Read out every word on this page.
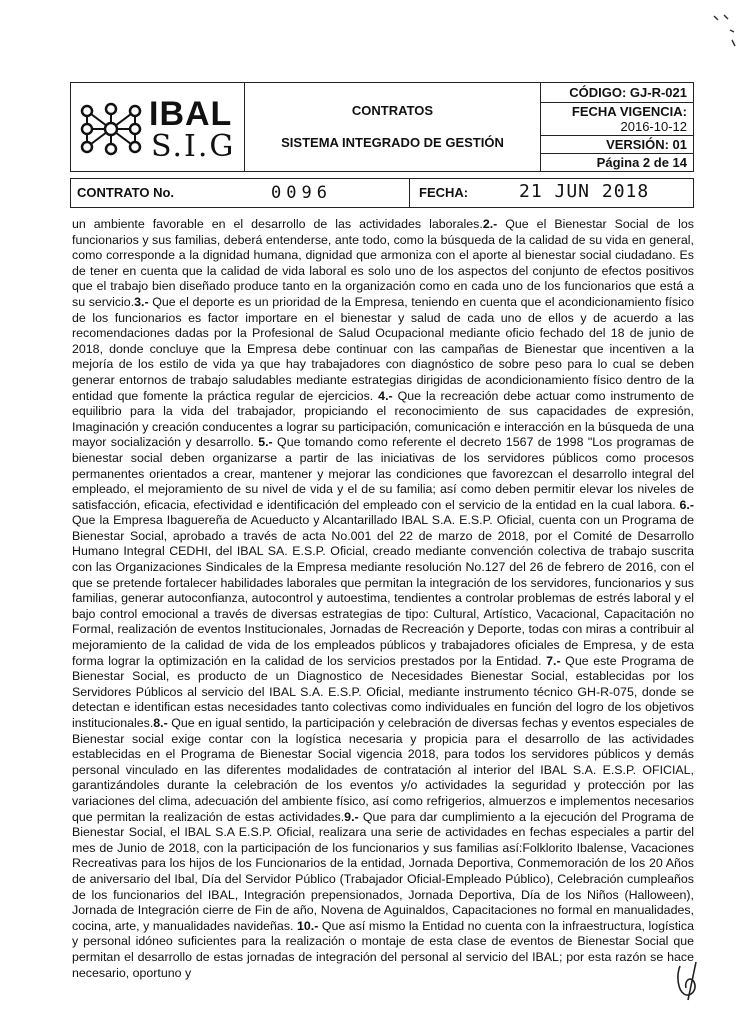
IBAL
S.I.G
CONTRATOS
SISTEMA INTEGRADO DE GESTIÓN
CÓDIGO: GJ-R-021
FECHA VIGENCIA:
2016-10-12
VERSIÓN: 01
Página 2 de 14
CONTRATO No.	0096	FECHA:	21 JUN 2018
un ambiente favorable en el desarrollo de las actividades laborales.2.- Que el Bienestar Social de los funcionarios y sus familias, deberá entenderse, ante todo, como la búsqueda de la calidad de su vida en general, como corresponde a la dignidad humana, dignidad que armoniza con el aporte al bienestar social ciudadano. Es de tener en cuenta que la calidad de vida laboral es solo uno de los aspectos del conjunto de efectos positivos que el trabajo bien diseñado produce tanto en la organización como en cada uno de los funcionarios que está a su servicio.3.- Que el deporte es un prioridad de la Empresa, teniendo en cuenta que el acondicionamiento físico de los funcionarios es factor importare en el bienestar y salud de cada uno de ellos y de acuerdo a las recomendaciones dadas por la Profesional de Salud Ocupacional mediante oficio fechado del 18 de junio de 2018, donde concluye que la Empresa debe continuar con las campañas de Bienestar que incentiven a la mejoría de los estilo de vida ya que hay trabajadores con diagnóstico de sobre peso para lo cual se deben generar entornos de trabajo saludables mediante estrategias dirigidas de acondicionamiento físico dentro de la entidad que fomente la práctica regular de ejercicios. 4.- Que la recreación debe actuar como instrumento de equilibrio para la vida del trabajador, propiciando el reconocimiento de sus capacidades de expresión, Imaginación y creación conducentes a lograr su participación, comunicación e interacción en la búsqueda de una mayor socialización y desarrollo. 5.- Que tomando como referente el decreto 1567 de 1998 "Los programas de bienestar social deben organizarse a partir de las iniciativas de los servidores públicos como procesos permanentes orientados a crear, mantener y mejorar las condiciones que favorezcan el desarrollo integral del empleado, el mejoramiento de su nivel de vida y el de su familia; así como deben permitir elevar los niveles de satisfacción, eficacia, efectividad e identificación del empleado con el servicio de la entidad en la cual labora. 6.-Que la Empresa Ibaguereña de Acueducto y Alcantarillado IBAL S.A. E.S.P. Oficial, cuenta con un Programa de Bienestar Social, aprobado a través de acta No.001 del 22 de marzo de 2018, por el Comité de Desarrollo Humano Integral CEDHI, del IBAL SA. E.S.P. Oficial, creado mediante convención colectiva de trabajo suscrita con las Organizaciones Sindicales de la Empresa mediante resolución No.127 del 26 de febrero de 2016, con el que se pretende fortalecer habilidades laborales que permitan la integración de los servidores, funcionarios y sus familias, generar autoconfianza, autocontrol y autoestima, tendientes a controlar problemas de estrés laboral y el bajo control emocional a través de diversas estrategias de tipo: Cultural, Artístico, Vacacional, Capacitación no Formal, realización de eventos Institucionales, Jornadas de Recreación y Deporte, todas con miras a contribuir al mejoramiento de la calidad de vida de los empleados públicos y trabajadores oficiales de Empresa, y de esta forma lograr la optimización en la calidad de los servicios prestados por la Entidad. 7.- Que este Programa de Bienestar Social, es producto de un Diagnostico de Necesidades Bienestar Social, establecidas por los Servidores Públicos al servicio del IBAL S.A. E.S.P. Oficial, mediante instrumento técnico GH-R-075, donde se detectan e identifican estas necesidades tanto colectivas como individuales en función del logro de los objetivos institucionales.8.- Que en igual sentido, la participación y celebración de diversas fechas y eventos especiales de Bienestar social exige contar con la logística necesaria y propicia para el desarrollo de las actividades establecidas en el Programa de Bienestar Social vigencia 2018, para todos los servidores públicos y demás personal vinculado en las diferentes modalidades de contratación al interior del IBAL S.A. E.S.P. OFICIAL, garantizándoles durante la celebración de los eventos y/o actividades la seguridad y protección por las variaciones del clima, adecuación del ambiente físico, así como refrigerios, almuerzos e implementos necesarios que permitan la realización de estas actividades.9.- Que para dar cumplimiento a la ejecución del Programa de Bienestar Social, el IBAL S.A E.S.P. Oficial, realizara una serie de actividades en fechas especiales a partir del mes de Junio de 2018, con la participación de los funcionarios y sus familias así:Folklorito Ibalense, Vacaciones Recreativas para los hijos de los Funcionarios de la entidad, Jornada Deportiva, Conmemoración de los 20 Años de aniversario del Ibal, Día del Servidor Público (Trabajador Oficial-Empleado Público), Celebración cumpleaños de los funcionarios del IBAL, Integración prepensionados, Jornada Deportiva, Día de los Niños (Halloween), Jornada de Integración cierre de Fin de año, Novena de Aguinaldos, Capacitaciones no formal en manualidades, cocina, arte, y manualidades navideñas. 10.- Que así mismo la Entidad no cuenta con la infraestructura, logística y personal idóneo suficientes para la realización o montaje de esta clase de eventos de Bienestar Social que permitan el desarrollo de estas jornadas de integración del personal al servicio del IBAL; por esta razón se hace necesario, oportuno y
